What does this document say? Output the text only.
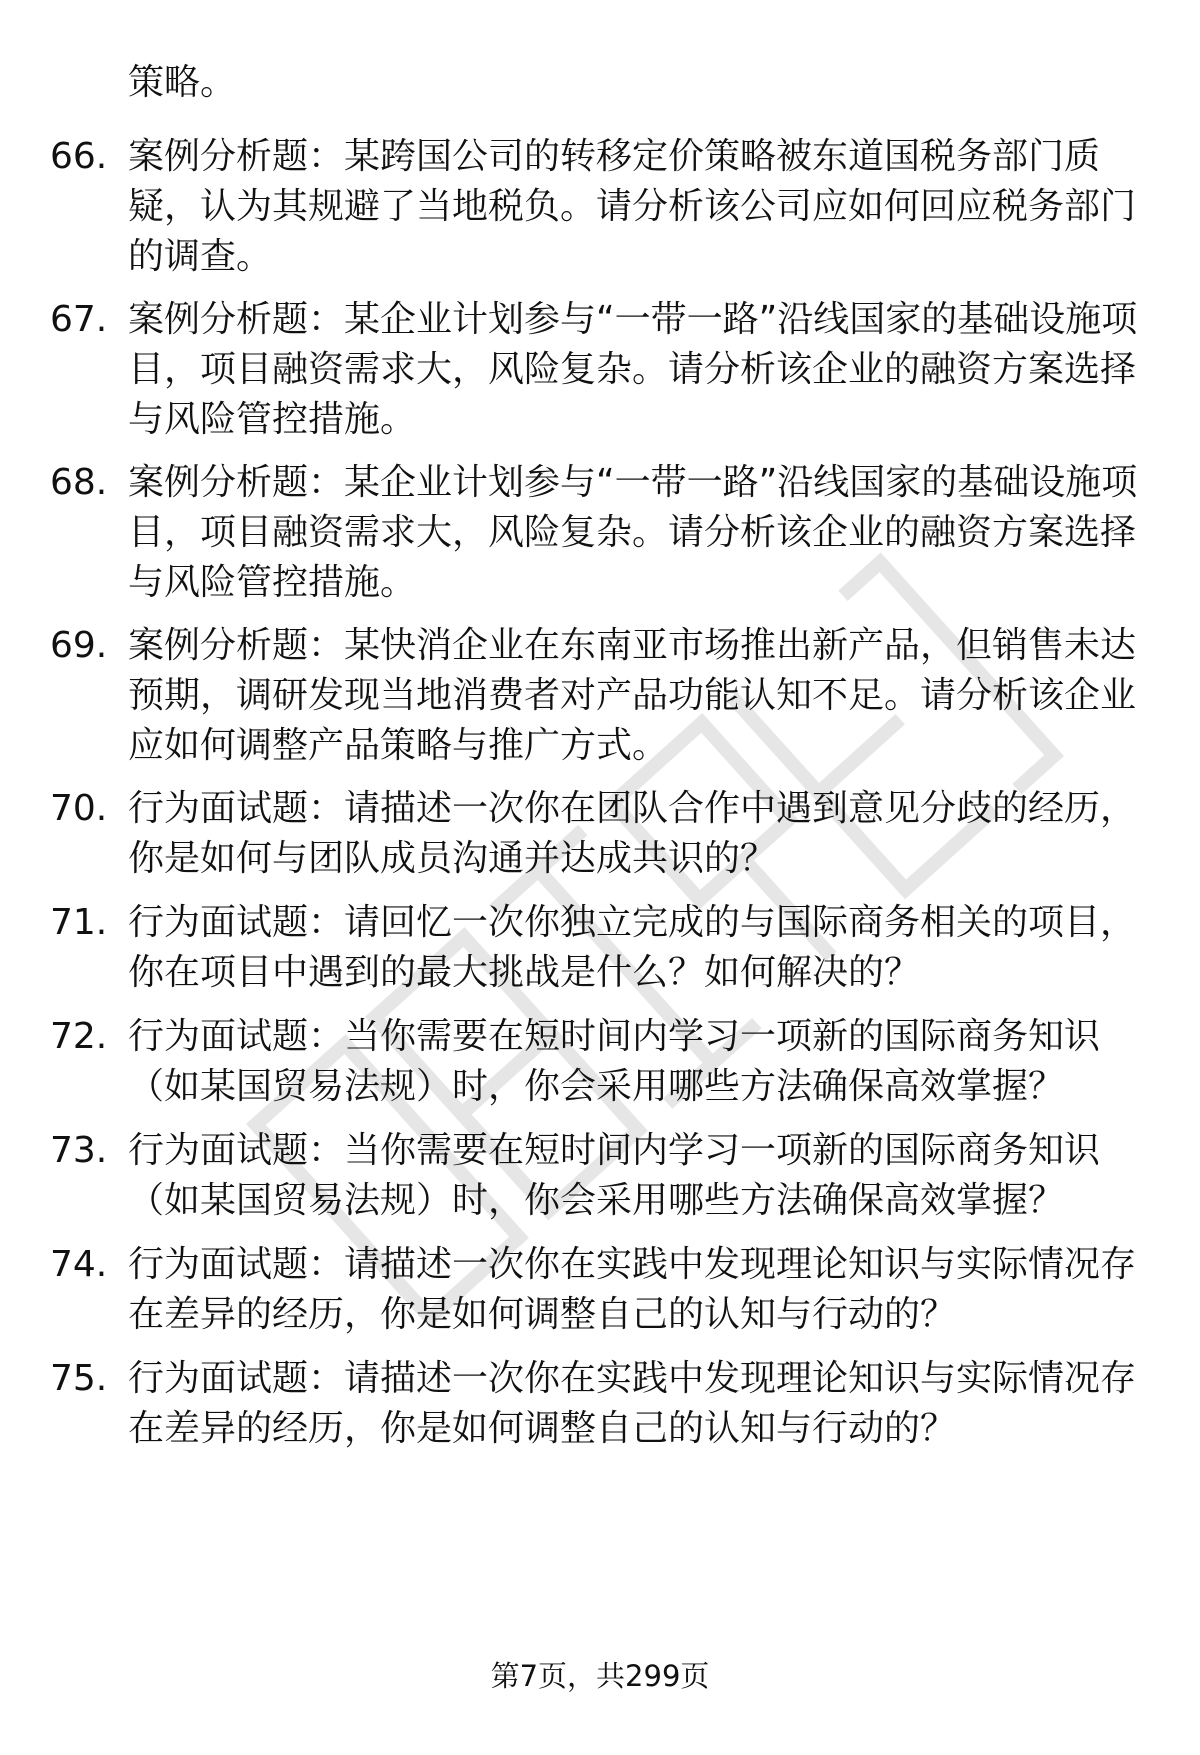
策略。

66. 案例分析题：某跨国公司的转移定价策略被东道国税务部门质疑，认为其规避了当地税负。请分析该公司应如何回应税务部门的调查。

67. 案例分析题：某企业计划参与“一带一路”沿线国家的基础设施项目，项目融资需求大，风险复杂。请分析该企业的融资方案选择与风险管控措施。

68. 案例分析题：某企业计划参与“一带一路”沿线国家的基础设施项目，项目融资需求大，风险复杂。请分析该企业的融资方案选择与风险管控措施。

69. 案例分析题：某快消企业在东南亚市场推出新产品，但销售未达预期，调研发现当地消费者对产品功能认知不足。请分析该企业应如何调整产品策略与推广方式。

70. 行为面试题：请描述一次你在团队合作中遇到意见分歧的经历，你是如何与团队成员沟通并达成共识的？

71. 行为面试题：请回忆一次你独立完成的与国际商务相关的项目，你在项目中遇到的最大挑战是什么？如何解决的？

72. 行为面试题：当你需要在短时间内学习一项新的国际商务知识（如某国贸易法规）时，你会采用哪些方法确保高效掌握？

73. 行为面试题：当你需要在短时间内学习一项新的国际商务知识（如某国贸易法规）时，你会采用哪些方法确保高效掌握？

74. 行为面试题：请描述一次你在实践中发现理论知识与实际情况存在差异的经历，你是如何调整自己的认知与行动的？

75. 行为面试题：请描述一次你在实践中发现理论知识与实际情况存在差异的经历，你是如何调整自己的认知与行动的？

第7页，共299页
